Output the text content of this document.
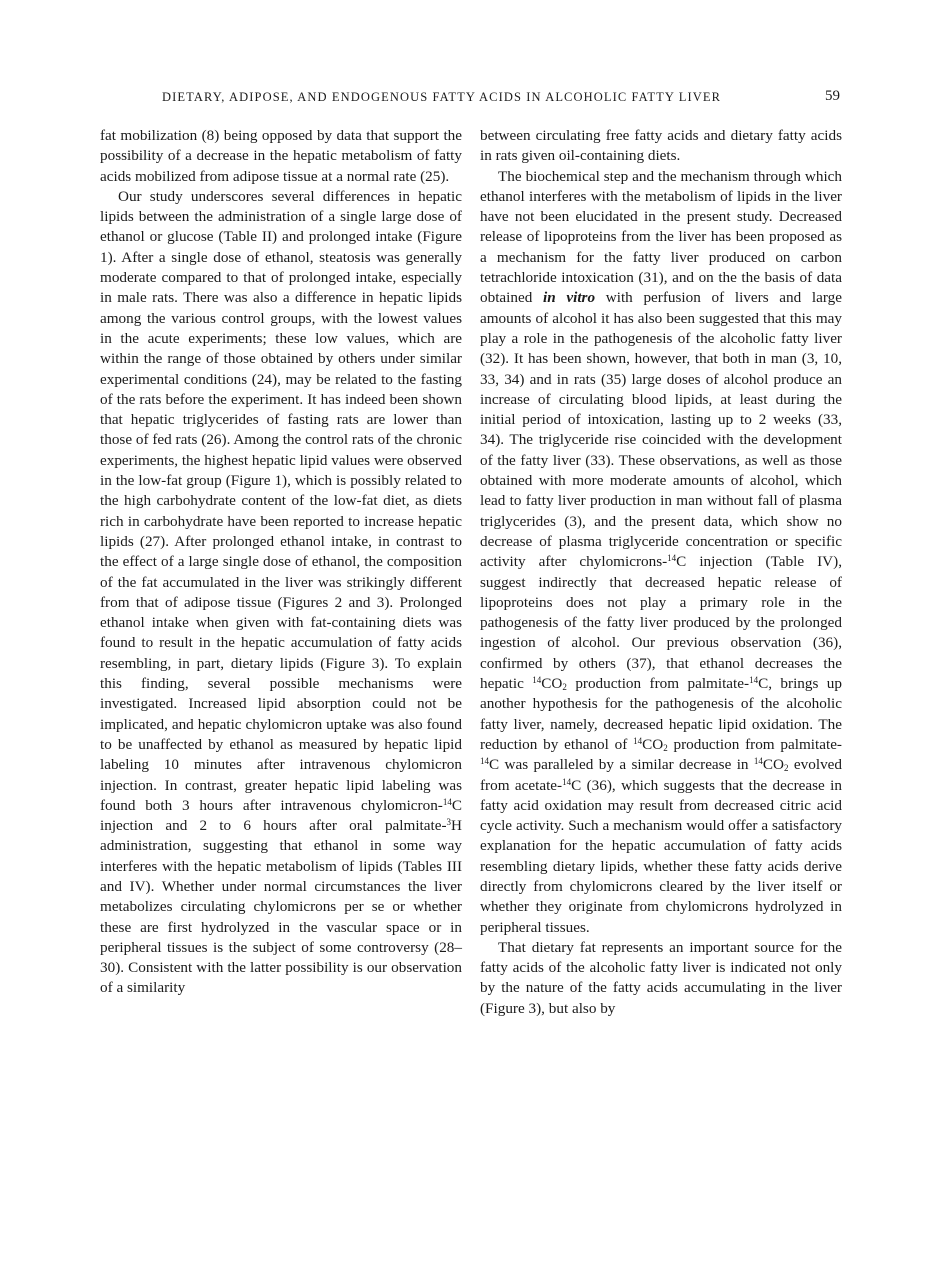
DIETARY, ADIPOSE, AND ENDOGENOUS FATTY ACIDS IN ALCOHOLIC FATTY LIVER	59

fat mobilization (8) being opposed by data that support the possibility of a decrease in the hepatic metabolism of fatty acids mobilized from adipose tissue at a normal rate (25).

Our study underscores several differences in hepatic lipids between the administration of a single large dose of ethanol or glucose (Table II) and prolonged intake (Figure 1). After a single dose of ethanol, steatosis was generally moderate compared to that of prolonged intake, especially in male rats. There was also a difference in hepatic lipids among the various control groups, with the lowest values in the acute experiments; these low values, which are within the range of those obtained by others under similar experimental conditions (24), may be related to the fasting of the rats before the experiment. It has indeed been shown that hepatic triglycerides of fasting rats are lower than those of fed rats (26). Among the control rats of the chronic experiments, the highest hepatic lipid values were observed in the low-fat group (Figure 1), which is possibly related to the high carbohydrate content of the low-fat diet, as diets rich in carbohydrate have been reported to increase hepatic lipids (27). After prolonged ethanol intake, in contrast to the effect of a large single dose of ethanol, the composition of the fat accumulated in the liver was strikingly different from that of adipose tissue (Figures 2 and 3). Prolonged ethanol intake when given with fat-containing diets was found to result in the hepatic accumulation of fatty acids resembling, in part, dietary lipids (Figure 3). To explain this finding, several possible mechanisms were investigated. Increased lipid absorption could not be implicated, and hepatic chylomicron uptake was also found to be unaffected by ethanol as measured by hepatic lipid labeling 10 minutes after intravenous chylomicron injection. In contrast, greater hepatic lipid labeling was found both 3 hours after intravenous chylomicron-$^{14}$C injection and 2 to 6 hours after oral palmitate-$^3$H administration, suggesting that ethanol in some way interferes with the hepatic metabolism of lipids (Tables III and IV). Whether under normal circumstances the liver metabolizes circulating chylomicrons per se or whether these are first hydrolyzed in the vascular space or in peripheral tissues is the subject of some controversy (28–30). Consistent with the latter possibility is our observation of a similarity

between circulating free fatty acids and dietary fatty acids in rats given oil-containing diets.

The biochemical step and the mechanism through which ethanol interferes with the metabolism of lipids in the liver have not been elucidated in the present study. Decreased release of lipoproteins from the liver has been proposed as a mechanism for the fatty liver produced on carbon tetrachloride intoxication (31), and on the the basis of data obtained in vitro with perfusion of livers and large amounts of alcohol it has also been suggested that this may play a role in the pathogenesis of the alcoholic fatty liver (32). It has been shown, however, that both in man (3, 10, 33, 34) and in rats (35) large doses of alcohol produce an increase of circulating blood lipids, at least during the initial period of intoxication, lasting up to 2 weeks (33, 34). The triglyceride rise coincided with the development of the fatty liver (33). These observations, as well as those obtained with more moderate amounts of alcohol, which lead to fatty liver production in man without fall of plasma triglycerides (3), and the present data, which show no decrease of plasma triglyceride concentration or specific activity after chylomicrons-$^{14}$C injection (Table IV), suggest indirectly that decreased hepatic release of lipoproteins does not play a primary role in the pathogenesis of the fatty liver produced by the prolonged ingestion of alcohol. Our previous observation (36), confirmed by others (37), that ethanol decreases the hepatic $^{14}CO_2$ production from palmitate-$^{14}$C, brings up another hypothesis for the pathogenesis of the alcoholic fatty liver, namely, decreased hepatic lipid oxidation. The reduction by ethanol of $^{14}CO_2$ production from palmitate-$^{14}$C was paralleled by a similar decrease in $^{14}CO_2$ evolved from acetate-$^{14}$C (36), which suggests that the decrease in fatty acid oxidation may result from decreased citric acid cycle activity. Such a mechanism would offer a satisfactory explanation for the hepatic accumulation of fatty acids resembling dietary lipids, whether these fatty acids derive directly from chylomicrons cleared by the liver itself or whether they originate from chylomicrons hydrolyzed in peripheral tissues.

That dietary fat represents an important source for the fatty acids of the alcoholic fatty liver is indicated not only by the nature of the fatty acids accumulating in the liver (Figure 3), but also by
